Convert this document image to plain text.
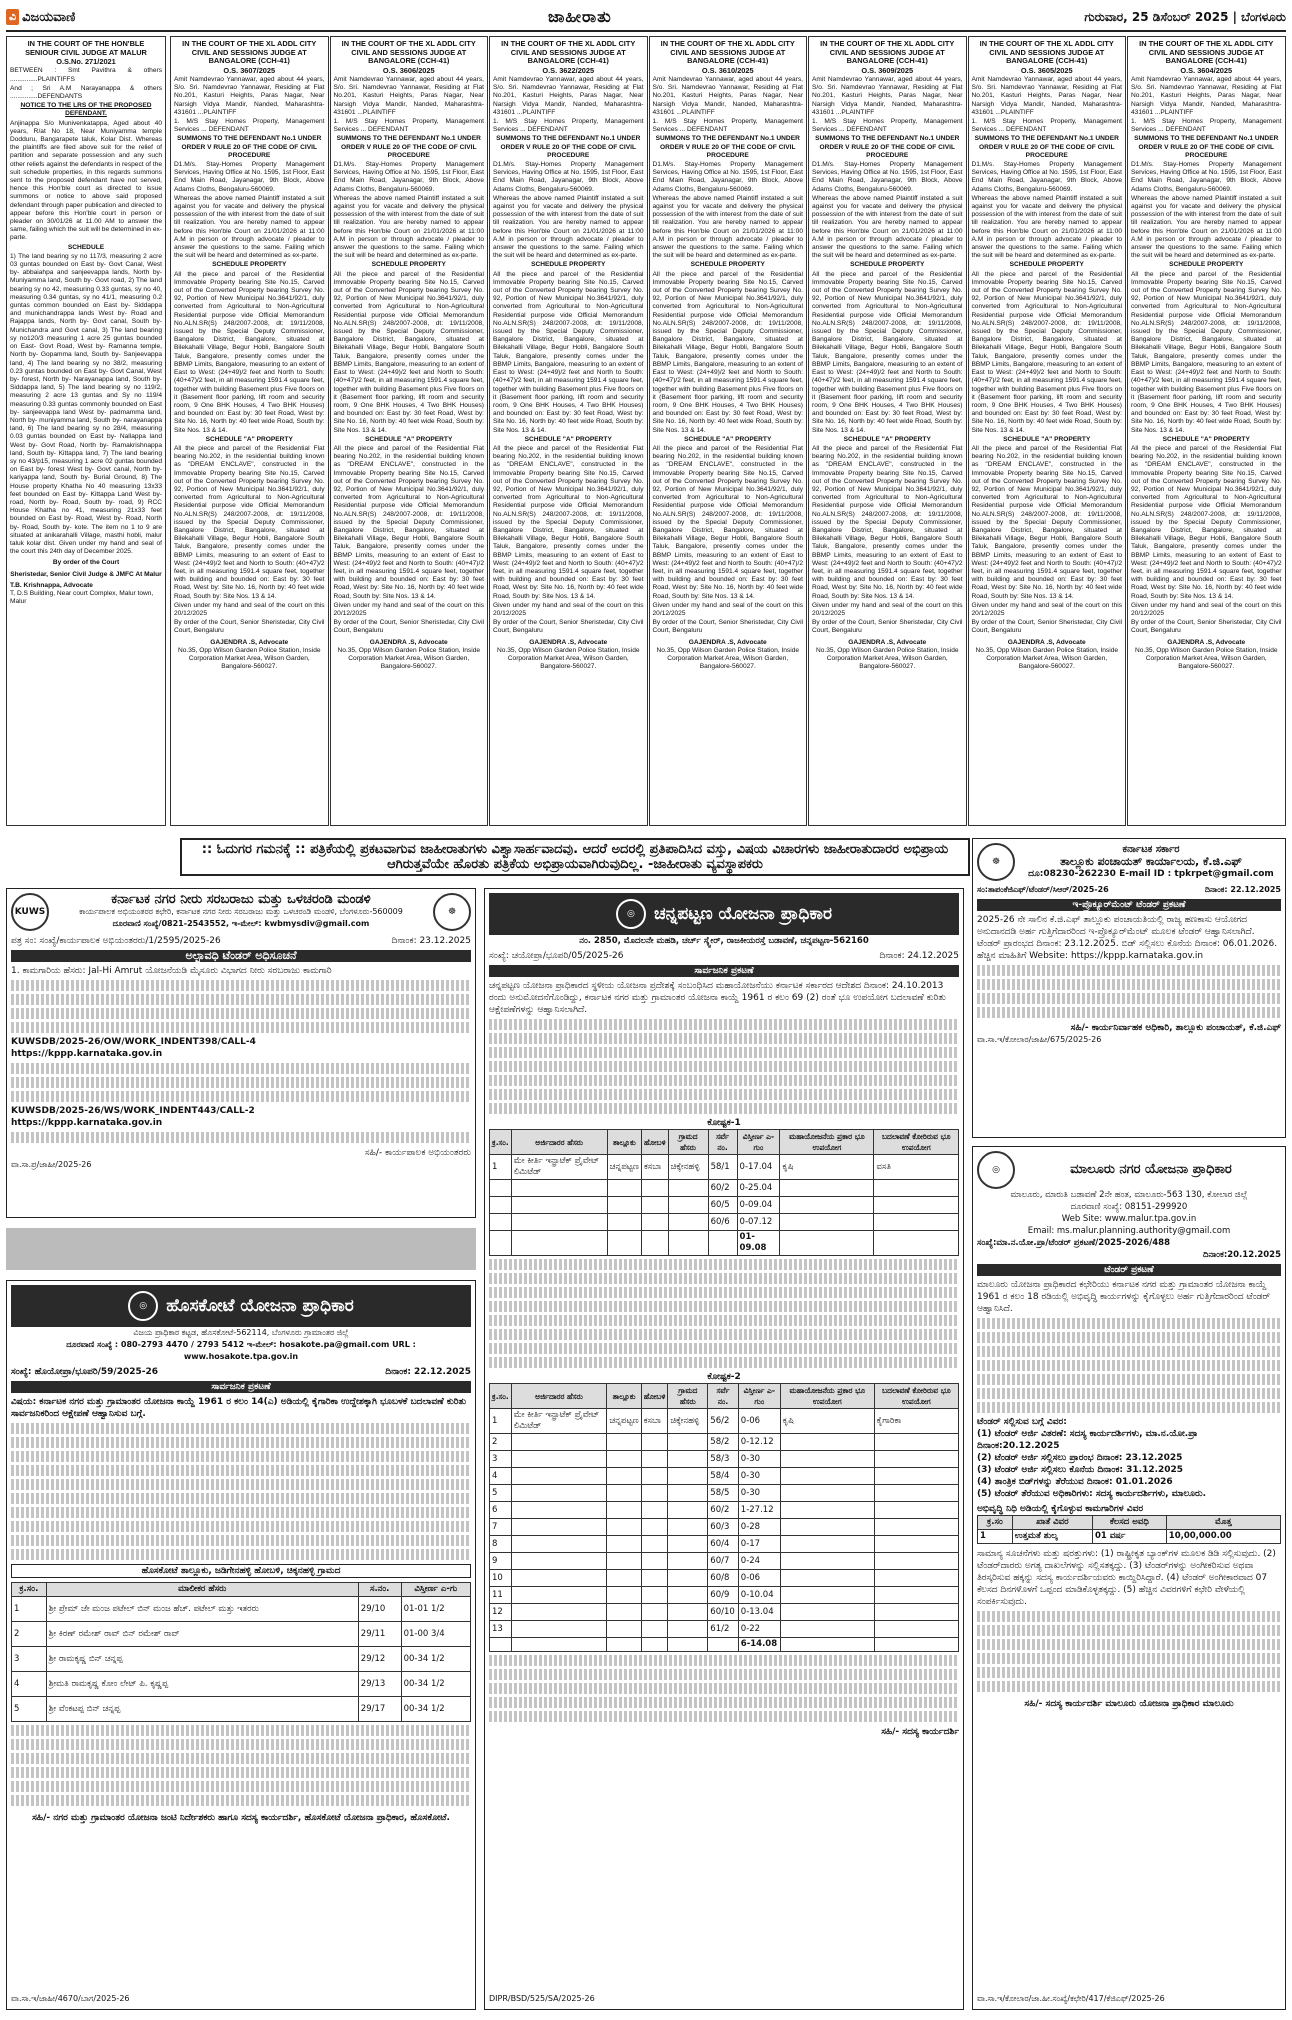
ವಿ ವಿಜಯವಾಣಿ	ಜಾಹೀರಾತು	ಗುರುವಾರ, 25 ಡಿಸೆಂಬರ್ 2025 | ಬೆಂಗಳೂರು
IN THE COURT OF THE HON'BLE SENIOUR CIVIL JUDGE AT MALUR
O.S.No. 271/2021

BETWEEN : Smt Pavithra & others ...............PLAINTIFFS

And ; Sri A.M Narayanappa & others ...............DEFENDANTS

NOTICE TO THE LRS OF THE PROPOSED DEFENDANT.

Anjinappa S/o Munivenkatappa, Aged about 40 years, R/at No 18, Near Muniyamma temple Dodduru, Bangarapete taluk, Kolar Dist. Whereas the plaintiffs are filed above suit for the relief of partition and separate possession and any such other reliefs against the defendants in respect of the suit schedule properties, in this regards summons sent to the proposed defendant have not served, hence this Hon'ble court as directed to issue summons or notice to above said proposed defendant through paper publication and directed to appear before this Hon'ble court in person or pleader on 30/01/26 at 11.00 AM to answer the same, failing which the suit will be determined in ex-parte.

SCHEDULE

1) The land bearing sy no 117/3, measuring 2 acre 03 guntas bounded on East by- Govt Canal, West by- abbaiahpa and sanjeevappa lands, North by- Muniyamma land, South by- Govt road, 2) The land bearing sy no 42, measuring 0.33 guntas, sy no 40, measuring 0.34 guntas, sy no 41/1, measuring 0.2 guntas common bounded on East by- Siddappa and munichandrappa lands West by- Road and Rajappa lands, North by- Govt canal, South by- Munichandra and Govt canal, 3) The land bearing sy no120/3 measuring 1 acre 25 guntas bounded on East- Govt Road, West by- Ramanna temple, North by- Gopamma land, South by- Sanjeevappa land, 4) The land bearing sy no 38/2, measuring 0.23 guntas bounded on East by- Govt Canal, West by- forest, North by- Narayanappa land, South by- Siddappa land, 5) The land bearing sy no 119/2, measuring 2 acre 13 guntas and Sy no 119/4 measuring 0.33 guntas commonly bounded on East by- sanjeevappa land West by- padmamma land, North by- muniyamma land, South by- narayanappa land, 6) The land bearing sy no 28/4, measuring 0.03 guntas bounded on East by- Nallappa land West by- Govt Road, North by- Ramakrishnappa land, South by- Kittappa land, 7) The land bearing sy no 43/p15, measuring 1 acre 02 guntas bounded on East by- forest West by- Govt canal, North by- kariyappa land, South by- Burial Ground, 8) The House property Khatha No 40 measuring 13x33 feet bounded on East by- Kittappa Land West by- road, North by- Road, South by- road, 9) RCC House Khatha no 41, measuring 21x33 feet bounded on East by- Road, West by- Road, North by- Road, South by- kote. The item no 1 to 9 are situated at anikarahalli Village, masthi hobli, malur taluk kolar dist. Given under my hand and seal of the court this 24th day of December 2025.

By order of the Court
Sheristedar, Senior Civil Judge & JMFC At Malur
T.B. Krishnappa, Advocate
T, D.S Building, Near court Complex, Malur town, Malur
IN THE COURT OF THE XL ADDL CITY CIVIL AND SESSIONS JUDGE AT BANGALORE (CCH-41)
O.S. 3607/2025

Amit Namdevrao Yannawar, aged about 44 years, S/o. Sri. Namdevrao Yannawar, Residing at Flat No.201, Kasturi Heights, Paras Nagar, Near Narsigh Vidya Mandir, Nanded, Maharashtra-431601 ...PLAINTIFF

1. M/S Stay Homes Property, Management Services ... DEFENDANT

SUMMONS TO THE DEFENDANT No.1 UNDER ORDER V RULE 20 OF THE CODE OF CIVIL PROCEDURE

D1.M/s. Stay-Homes Property Management Services, Having Office at No. 1595, 1st Floor, East End Main Road, Jayanagar, 9th Block, Above Adams Cloths, Bengaluru-560069.

Whereas the above named Plaintiff instated a suit against you for vacate and delivery the physical possession of the with interest from the date of suit till realization. You are hereby named to appear before this Hon'ble Court on 21/01/2026 at 11:00 A.M in person or through advocate / pleader to answer the questions to the same. Failing which the suit will be heard and determined as ex-parte.

SCHEDULE PROPERTY

All the piece and parcel of the Residential Immovable Property bearing Site No.15, Carved out of the Converted Property bearing Survey No. 92, Portion of New Municipal No.3641/92/1, duly converted from Agricultural to Non-Agricultural Residential purpose vide Official Memorandum No.ALN.SR(S) 248/2007-2008, dt: 19/11/2008, issued by the Special Deputy Commissioner, Bangalore District, Bangalore, situated at Bilekahalli Village, Begur Hobli, Bangalore South Taluk, Bangalore, presently comes under the BBMP Limits, Bangalore, measuring to an extent of East to West: (24+49)/2 feet and North to South: (40+47)/2 feet, in all measuring 1591.4 square feet, together with building Basement plus Five floors on it (Basement floor parking, lift room and security room, 9 One BHK Houses, 4 Two BHK Houses) and bounded on: East by: 30 feet Road, West by: Site No. 16, North by: 40 feet wide Road, South by: Site Nos. 13 & 14.

SCHEDULE "A" PROPERTY

All the piece and parcel of the Residential Flat bearing No.202, in the residential building known as "DREAM ENCLAVE", constructed in the Immovable Property bearing Site No.15, Carved out of the Converted Property bearing Survey No. 92, Portion of New Municipal No.3641/92/1, duly converted from Agricultural to Non-Agricultural Residential purpose vide Official Memorandum No.ALN.SR(S) 248/2007-2008, dt: 19/11/2008, issued by the Special Deputy Commissioner, Bangalore District, Bangalore, situated at Bilekahalli Village, Begur Hobli, Bangalore South Taluk, Bangalore, presently comes under the BBMP Limits, measuring to an extent of East to West: (24+49)/2 feet and North to South: (40+47)/2 feet, in all measuring 1591.4 square feet, together with building and bounded on: East by: 30 feet Road, West by: Site No. 16, North by: 40 feet wide Road, South by: Site Nos. 13 & 14.

Given under my hand and seal of the court on this 20/12/2025

By order of the Court, Senior Sheristedar, City Civil Court, Bengaluru

GAJENDRA .S, Advocate
No.35, Opp Wilson Garden Police Station, Inside Corporation Market Area, Wilson Garden, Bangalore-560027.
IN THE COURT OF THE XL ADDL CITY CIVIL AND SESSIONS JUDGE AT BANGALORE (CCH-41)
O.S. 3606/2025

Amit Namdevrao Yannawar, aged about 44 years, S/o. Sri. Namdevrao Yannawar, Residing at Flat No.201, Kasturi Heights, Paras Nagar, Near Narsigh Vidya Mandir, Nanded, Maharashtra-431601 ...PLAINTIFF

1. M/S Stay Homes Property, Management Services ... DEFENDANT

SUMMONS TO THE DEFENDANT No.1 UNDER ORDER V RULE 20 OF THE CODE OF CIVIL PROCEDURE

D1.M/s. Stay-Homes Property Management Services, Having Office at No. 1595, 1st Floor, East End Main Road, Jayanagar, 9th Block, Above Adams Cloths, Bengaluru-560069.

Whereas the above named Plaintiff instated a suit against you for vacate and delivery the physical possession of the with interest from the date of suit till realization. You are hereby named to appear before this Hon'ble Court on 21/01/2026 at 11:00 A.M in person or through advocate / pleader to answer the questions to the same. Failing which the suit will be heard and determined as ex-parte.

SCHEDULE PROPERTY

All the piece and parcel of the Residential Immovable Property bearing Site No.15, Carved out of the Converted Property bearing Survey No. 92, Portion of New Municipal No.3641/92/1, duly converted from Agricultural to Non-Agricultural Residential purpose vide Official Memorandum No.ALN.SR(S) 248/2007-2008, dt: 19/11/2008, issued by the Special Deputy Commissioner, Bangalore District, Bangalore, situated at Bilekahalli Village, Begur Hobli, Bangalore South Taluk, Bangalore, presently comes under the BBMP Limits, Bangalore, measuring to an extent of East to West: (24+49)/2 feet and North to South: (40+47)/2 feet, in all measuring 1591.4 square feet, together with building Basement plus Five floors on it (Basement floor parking, lift room and security room, 9 One BHK Houses, 4 Two BHK Houses) and bounded on: East by: 30 feet Road, West by: Site No. 16, North by: 40 feet wide Road, South by: Site Nos. 13 & 14.

SCHEDULE "A" PROPERTY

All the piece and parcel of the Residential Flat bearing No.202, in the residential building known as "DREAM ENCLAVE", constructed in the Immovable Property bearing Site No.15, Carved out of the Converted Property bearing Survey No. 92, Portion of New Municipal No.3641/92/1, duly converted from Agricultural to Non-Agricultural Residential purpose vide Official Memorandum No.ALN.SR(S) 248/2007-2008, dt: 19/11/2008, issued by the Special Deputy Commissioner, Bangalore District, Bangalore, situated at Bilekahalli Village, Begur Hobli, Bangalore South Taluk, Bangalore, presently comes under the BBMP Limits, measuring to an extent of East to West: (24+49)/2 feet and North to South: (40+47)/2 feet, in all measuring 1591.4 square feet, together with building and bounded on: East by: 30 feet Road, West by: Site No. 16, North by: 40 feet wide Road, South by: Site Nos. 13 & 14.

Given under my hand and seal of the court on this 20/12/2025

By order of the Court, Senior Sheristedar, City Civil Court, Bengaluru

GAJENDRA .S, Advocate
No.35, Opp Wilson Garden Police Station, Inside Corporation Market Area, Wilson Garden, Bangalore-560027.
IN THE COURT OF THE XL ADDL CITY CIVIL AND SESSIONS JUDGE AT BANGALORE (CCH-41)
O.S. 3622/2025

Amit Namdevrao Yannawar, aged about 44 years, S/o. Sri. Namdevrao Yannawar, Residing at Flat No.201, Kasturi Heights, Paras Nagar, Near Narsigh Vidya Mandir, Nanded, Maharashtra-431601 ...PLAINTIFF

1. M/S Stay Homes Property, Management Services ... DEFENDANT

SUMMONS TO THE DEFENDANT No.1 UNDER ORDER V RULE 20 OF THE CODE OF CIVIL PROCEDURE

D1.M/s. Stay-Homes Property Management Services, Having Office at No. 1595, 1st Floor, East End Main Road, Jayanagar, 9th Block, Above Adams Cloths, Bengaluru-560069.

Whereas the above named Plaintiff instated a suit against you for vacate and delivery the physical possession of the with interest from the date of suit till realization. You are hereby named to appear before this Hon'ble Court on 21/01/2026 at 11:00 A.M in person or through advocate / pleader to answer the questions to the same. Failing which the suit will be heard and determined as ex-parte.

SCHEDULE PROPERTY

All the piece and parcel of the Residential Immovable Property bearing Site No.15, Carved out of the Converted Property bearing Survey No. 92, Portion of New Municipal No.3641/92/1, duly converted from Agricultural to Non-Agricultural Residential purpose vide Official Memorandum No.ALN.SR(S) 248/2007-2008, dt: 19/11/2008, issued by the Special Deputy Commissioner, Bangalore District, Bangalore, situated at Bilekahalli Village, Begur Hobli, Bangalore South Taluk, Bangalore, presently comes under the BBMP Limits, Bangalore, measuring to an extent of East to West: (24+49)/2 feet and North to South: (40+47)/2 feet, in all measuring 1591.4 square feet, together with building Basement plus Five floors on it (Basement floor parking, lift room and security room, 9 One BHK Houses, 4 Two BHK Houses) and bounded on: East by: 30 feet Road, West by: Site No. 16, North by: 40 feet wide Road, South by: Site Nos. 13 & 14.

SCHEDULE "A" PROPERTY

All the piece and parcel of the Residential Flat bearing No.202, in the residential building known as "DREAM ENCLAVE", constructed in the Immovable Property bearing Site No.15, Carved out of the Converted Property bearing Survey No. 92, Portion of New Municipal No.3641/92/1, duly converted from Agricultural to Non-Agricultural Residential purpose vide Official Memorandum No.ALN.SR(S) 248/2007-2008, dt: 19/11/2008, issued by the Special Deputy Commissioner, Bangalore District, Bangalore, situated at Bilekahalli Village, Begur Hobli, Bangalore South Taluk, Bangalore, presently comes under the BBMP Limits, measuring to an extent of East to West: (24+49)/2 feet and North to South: (40+47)/2 feet, in all measuring 1591.4 square feet, together with building and bounded on: East by: 30 feet Road, West by: Site No. 16, North by: 40 feet wide Road, South by: Site Nos. 13 & 14.

Given under my hand and seal of the court on this 20/12/2025

By order of the Court, Senior Sheristedar, City Civil Court, Bengaluru

GAJENDRA .S, Advocate
No.35, Opp Wilson Garden Police Station, Inside Corporation Market Area, Wilson Garden, Bangalore-560027.
IN THE COURT OF THE XL ADDL CITY CIVIL AND SESSIONS JUDGE AT BANGALORE (CCH-41)
O.S. 3610/2025

Amit Namdevrao Yannawar, aged about 44 years, S/o. Sri. Namdevrao Yannawar, Residing at Flat No.201, Kasturi Heights, Paras Nagar, Near Narsigh Vidya Mandir, Nanded, Maharashtra-431601 ...PLAINTIFF

1. M/S Stay Homes Property, Management Services ... DEFENDANT

SUMMONS TO THE DEFENDANT No.1 UNDER ORDER V RULE 20 OF THE CODE OF CIVIL PROCEDURE

D1.M/s. Stay-Homes Property Management Services, Having Office at No. 1595, 1st Floor, East End Main Road, Jayanagar, 9th Block, Above Adams Cloths, Bengaluru-560069.

Whereas the above named Plaintiff instated a suit against you for vacate and delivery the physical possession of the with interest from the date of suit till realization. You are hereby named to appear before this Hon'ble Court on 21/01/2026 at 11:00 A.M in person or through advocate / pleader to answer the questions to the same. Failing which the suit will be heard and determined as ex-parte.

SCHEDULE PROPERTY

All the piece and parcel of the Residential Immovable Property bearing Site No.15, Carved out of the Converted Property bearing Survey No. 92, Portion of New Municipal No.3641/92/1, duly converted from Agricultural to Non-Agricultural Residential purpose vide Official Memorandum No.ALN.SR(S) 248/2007-2008, dt: 19/11/2008, issued by the Special Deputy Commissioner, Bangalore District, Bangalore, situated at Bilekahalli Village, Begur Hobli, Bangalore South Taluk, Bangalore, presently comes under the BBMP Limits, Bangalore, measuring to an extent of East to West: (24+49)/2 feet and North to South: (40+47)/2 feet, in all measuring 1591.4 square feet, together with building Basement plus Five floors on it (Basement floor parking, lift room and security room, 9 One BHK Houses, 4 Two BHK Houses) and bounded on: East by: 30 feet Road, West by: Site No. 16, North by: 40 feet wide Road, South by: Site Nos. 13 & 14.

SCHEDULE "A" PROPERTY

All the piece and parcel of the Residential Flat bearing No.202, in the residential building known as "DREAM ENCLAVE", constructed in the Immovable Property bearing Site No.15, Carved out of the Converted Property bearing Survey No. 92, Portion of New Municipal No.3641/92/1, duly converted from Agricultural to Non-Agricultural Residential purpose vide Official Memorandum No.ALN.SR(S) 248/2007-2008, dt: 19/11/2008, issued by the Special Deputy Commissioner, Bangalore District, Bangalore, situated at Bilekahalli Village, Begur Hobli, Bangalore South Taluk, Bangalore, presently comes under the BBMP Limits, measuring to an extent of East to West: (24+49)/2 feet and North to South: (40+47)/2 feet, in all measuring 1591.4 square feet, together with building and bounded on: East by: 30 feet Road, West by: Site No. 16, North by: 40 feet wide Road, South by: Site Nos. 13 & 14.

Given under my hand and seal of the court on this 20/12/2025

By order of the Court, Senior Sheristedar, City Civil Court, Bengaluru

GAJENDRA .S, Advocate
No.35, Opp Wilson Garden Police Station, Inside Corporation Market Area, Wilson Garden, Bangalore-560027.
IN THE COURT OF THE XL ADDL CITY CIVIL AND SESSIONS JUDGE AT BANGALORE (CCH-41)
O.S. 3609/2025

Amit Namdevrao Yannawar, aged about 44 years, S/o. Sri. Namdevrao Yannawar, Residing at Flat No.201, Kasturi Heights, Paras Nagar, Near Narsigh Vidya Mandir, Nanded, Maharashtra-431601 ...PLAINTIFF

1. M/S Stay Homes Property, Management Services ... DEFENDANT

SUMMONS TO THE DEFENDANT No.1 UNDER ORDER V RULE 20 OF THE CODE OF CIVIL PROCEDURE

D1.M/s. Stay-Homes Property Management Services, Having Office at No. 1595, 1st Floor, East End Main Road, Jayanagar, 9th Block, Above Adams Cloths, Bengaluru-560069.

Whereas the above named Plaintiff instated a suit against you for vacate and delivery the physical possession of the with interest from the date of suit till realization. You are hereby named to appear before this Hon'ble Court on 21/01/2026 at 11:00 A.M in person or through advocate / pleader to answer the questions to the same. Failing which the suit will be heard and determined as ex-parte.

SCHEDULE PROPERTY

All the piece and parcel of the Residential Immovable Property bearing Site No.15, Carved out of the Converted Property bearing Survey No. 92, Portion of New Municipal No.3641/92/1, duly converted from Agricultural to Non-Agricultural Residential purpose vide Official Memorandum No.ALN.SR(S) 248/2007-2008, dt: 19/11/2008, issued by the Special Deputy Commissioner, Bangalore District, Bangalore, situated at Bilekahalli Village, Begur Hobli, Bangalore South Taluk, Bangalore, presently comes under the BBMP Limits, Bangalore, measuring to an extent of East to West: (24+49)/2 feet and North to South: (40+47)/2 feet, in all measuring 1591.4 square feet, together with building Basement plus Five floors on it (Basement floor parking, lift room and security room, 9 One BHK Houses, 4 Two BHK Houses) and bounded on: East by: 30 feet Road, West by: Site No. 16, North by: 40 feet wide Road, South by: Site Nos. 13 & 14.

SCHEDULE "A" PROPERTY

All the piece and parcel of the Residential Flat bearing No.202, in the residential building known as "DREAM ENCLAVE", constructed in the Immovable Property bearing Site No.15, Carved out of the Converted Property bearing Survey No. 92, Portion of New Municipal No.3641/92/1, duly converted from Agricultural to Non-Agricultural Residential purpose vide Official Memorandum No.ALN.SR(S) 248/2007-2008, dt: 19/11/2008, issued by the Special Deputy Commissioner, Bangalore District, Bangalore, situated at Bilekahalli Village, Begur Hobli, Bangalore South Taluk, Bangalore, presently comes under the BBMP Limits, measuring to an extent of East to West: (24+49)/2 feet and North to South: (40+47)/2 feet, in all measuring 1591.4 square feet, together with building and bounded on: East by: 30 feet Road, West by: Site No. 16, North by: 40 feet wide Road, South by: Site Nos. 13 & 14.

Given under my hand and seal of the court on this 20/12/2025

By order of the Court, Senior Sheristedar, City Civil Court, Bengaluru

GAJENDRA .S, Advocate
No.35, Opp Wilson Garden Police Station, Inside Corporation Market Area, Wilson Garden, Bangalore-560027.
IN THE COURT OF THE XL ADDL CITY CIVIL AND SESSIONS JUDGE AT BANGALORE (CCH-41)
O.S. 3605/2025

Amit Namdevrao Yannawar, aged about 44 years, S/o. Sri. Namdevrao Yannawar, Residing at Flat No.201, Kasturi Heights, Paras Nagar, Near Narsigh Vidya Mandir, Nanded, Maharashtra-431601 ...PLAINTIFF

1. M/S Stay Homes Property, Management Services ... DEFENDANT

SUMMONS TO THE DEFENDANT No.1 UNDER ORDER V RULE 20 OF THE CODE OF CIVIL PROCEDURE

D1.M/s. Stay-Homes Property Management Services, Having Office at No. 1595, 1st Floor, East End Main Road, Jayanagar, 9th Block, Above Adams Cloths, Bengaluru-560069.

Whereas the above named Plaintiff instated a suit against you for vacate and delivery the physical possession of the with interest from the date of suit till realization. You are hereby named to appear before this Hon'ble Court on 21/01/2026 at 11:00 A.M in person or through advocate / pleader to answer the questions to the same. Failing which the suit will be heard and determined as ex-parte.

SCHEDULE PROPERTY

All the piece and parcel of the Residential Immovable Property bearing Site No.15, Carved out of the Converted Property bearing Survey No. 92, Portion of New Municipal No.3641/92/1, duly converted from Agricultural to Non-Agricultural Residential purpose vide Official Memorandum No.ALN.SR(S) 248/2007-2008, dt: 19/11/2008, issued by the Special Deputy Commissioner, Bangalore District, Bangalore, situated at Bilekahalli Village, Begur Hobli, Bangalore South Taluk, Bangalore, presently comes under the BBMP Limits, Bangalore, measuring to an extent of East to West: (24+49)/2 feet and North to South: (40+47)/2 feet, in all measuring 1591.4 square feet, together with building Basement plus Five floors on it (Basement floor parking, lift room and security room, 9 One BHK Houses, 4 Two BHK Houses) and bounded on: East by: 30 feet Road, West by: Site No. 16, North by: 40 feet wide Road, South by: Site Nos. 13 & 14.

SCHEDULE "A" PROPERTY

All the piece and parcel of the Residential Flat bearing No.202, in the residential building known as "DREAM ENCLAVE", constructed in the Immovable Property bearing Site No.15, Carved out of the Converted Property bearing Survey No. 92, Portion of New Municipal No.3641/92/1, duly converted from Agricultural to Non-Agricultural Residential purpose vide Official Memorandum No.ALN.SR(S) 248/2007-2008, dt: 19/11/2008, issued by the Special Deputy Commissioner, Bangalore District, Bangalore, situated at Bilekahalli Village, Begur Hobli, Bangalore South Taluk, Bangalore, presently comes under the BBMP Limits, measuring to an extent of East to West: (24+49)/2 feet and North to South: (40+47)/2 feet, in all measuring 1591.4 square feet, together with building and bounded on: East by: 30 feet Road, West by: Site No. 16, North by: 40 feet wide Road, South by: Site Nos. 13 & 14.

Given under my hand and seal of the court on this 20/12/2025

By order of the Court, Senior Sheristedar, City Civil Court, Bengaluru

GAJENDRA .S, Advocate
No.35, Opp Wilson Garden Police Station, Inside Corporation Market Area, Wilson Garden, Bangalore-560027.
IN THE COURT OF THE XL ADDL CITY CIVIL AND SESSIONS JUDGE AT BANGALORE (CCH-41)
O.S. 3604/2025

Amit Namdevrao Yannawar, aged about 44 years, S/o. Sri. Namdevrao Yannawar, Residing at Flat No.201, Kasturi Heights, Paras Nagar, Near Narsigh Vidya Mandir, Nanded, Maharashtra-431601 ...PLAINTIFF

1. M/S Stay Homes Property, Management Services ... DEFENDANT

SUMMONS TO THE DEFENDANT No.1 UNDER ORDER V RULE 20 OF THE CODE OF CIVIL PROCEDURE

D1.M/s. Stay-Homes Property Management Services, Having Office at No. 1595, 1st Floor, East End Main Road, Jayanagar, 9th Block, Above Adams Cloths, Bengaluru-560069.

Whereas the above named Plaintiff instated a suit against you for vacate and delivery the physical possession of the with interest from the date of suit till realization. You are hereby named to appear before this Hon'ble Court on 21/01/2026 at 11:00 A.M in person or through advocate / pleader to answer the questions to the same. Failing which the suit will be heard and determined as ex-parte.

SCHEDULE PROPERTY

All the piece and parcel of the Residential Immovable Property bearing Site No.15, Carved out of the Converted Property bearing Survey No. 92, Portion of New Municipal No.3641/92/1, duly converted from Agricultural to Non-Agricultural Residential purpose vide Official Memorandum No.ALN.SR(S) 248/2007-2008, dt: 19/11/2008, issued by the Special Deputy Commissioner, Bangalore District, Bangalore, situated at Bilekahalli Village, Begur Hobli, Bangalore South Taluk, Bangalore, presently comes under the BBMP Limits, Bangalore, measuring to an extent of East to West: (24+49)/2 feet and North to South: (40+47)/2 feet, in all measuring 1591.4 square feet, together with building Basement plus Five floors on it (Basement floor parking, lift room and security room, 9 One BHK Houses, 4 Two BHK Houses) and bounded on: East by: 30 feet Road, West by: Site No. 16, North by: 40 feet wide Road, South by: Site Nos. 13 & 14.

SCHEDULE "A" PROPERTY

All the piece and parcel of the Residential Flat bearing No.202, in the residential building known as "DREAM ENCLAVE", constructed in the Immovable Property bearing Site No.15, Carved out of the Converted Property bearing Survey No. 92, Portion of New Municipal No.3641/92/1, duly converted from Agricultural to Non-Agricultural Residential purpose vide Official Memorandum No.ALN.SR(S) 248/2007-2008, dt: 19/11/2008, issued by the Special Deputy Commissioner, Bangalore District, Bangalore, situated at Bilekahalli Village, Begur Hobli, Bangalore South Taluk, Bangalore, presently comes under the BBMP Limits, measuring to an extent of East to West: (24+49)/2 feet and North to South: (40+47)/2 feet, in all measuring 1591.4 square feet, together with building and bounded on: East by: 30 feet Road, West by: Site No. 16, North by: 40 feet wide Road, South by: Site Nos. 13 & 14.

Given under my hand and seal of the court on this 20/12/2025

By order of the Court, Senior Sheristedar, City Civil Court, Bengaluru

GAJENDRA .S, Advocate
No.35, Opp Wilson Garden Police Station, Inside Corporation Market Area, Wilson Garden, Bangalore-560027.
:: ಓದುಗರ ಗಮನಕ್ಕೆ :: ಪತ್ರಿಕೆಯಲ್ಲಿ ಪ್ರಕಟವಾಗುವ ಜಾಹೀರಾತುಗಳು ವಿಶ್ವಾಸಾರ್ಹವಾದವು. ಆದರೆ ಅದರಲ್ಲಿ ಪ್ರತಿಪಾದಿಸಿದ ವಸ್ತು, ವಿಷಯ ವಿಚಾರಗಳು ಜಾಹೀರಾತುದಾರರ ಅಭಿಪ್ರಾಯ ಆಗಿರುತ್ತವೆಯೇ ಹೊರತು ಪತ್ರಿಕೆಯ ಅಭಿಪ್ರಾಯವಾಗಿರುವುದಿಲ್ಲ. -ಜಾಹೀರಾತು ವ್ಯವಸ್ಥಾಪಕರು
KUWS
ಕರ್ನಾಟಕ ನಗರ ನೀರು ಸರಬರಾಜು ಮತ್ತು ಒಳಚರಂಡಿ ಮಂಡಳಿ
ಕಾರ್ಯಪಾಲಕ ಅಭಿಯಂತರರ ಕಛೇರಿ, ಕರ್ನಾಟಕ ನಗರ ನೀರು ಸರಬರಾಜು ಮತ್ತು ಒಳಚರಂಡಿ ಮಂಡಳಿ, ಬೆಂಗಳೂರು-560009
ದೂರವಾಣಿ ಸಂಖ್ಯೆ/0821-2543552, ಇ-ಮೇಲ್: kwbmysdiv@gmail.com
☸
ಪತ್ರ ಸಂ: ಸಂಖ್ಯೆ/ಕಾರ್ಯಪಾಲಕ ಅಭಿಯಂತರರು/1/2595/2025-26	ದಿನಾಂಕ: 23.12.2025
ಅಲ್ಪಾವಧಿ ಟೆಂಡರ್ ಅಧಿಸೂಚನೆ
1. ಕಾಮಗಾರಿಯ ಹೆಸರು: Jal-Hi Amrut ಯೋಜನೆಯಡಿ ಮೈಸೂರು ವಿಭಾಗದ ನೀರು ಸರಬರಾಜು ಕಾಮಗಾರಿ
KUWSDB/2025-26/OW/WORK_INDENT398/CALL-4
https://kppp.karnataka.gov.in
KUWSDB/2025-26/WS/WORK_INDENT443/CALL-2
https://kppp.karnataka.gov.in
ಸಹಿ/- ಕಾರ್ಯಪಾಲಕ ಅಭಿಯಂತರರು
ವಾ.ಸಾ.ಪ್ರ/ಜಾಹೀ/2025-26
◎	ಹೊಸಕೋಟೆ ಯೋಜನಾ ಪ್ರಾಧಿಕಾರ
ವಿಜಯ ಪ್ರಾಧಿಕಾರ ಕಟ್ಟಡ, ಹೊಸಕೋಟೆ-562114, ಬೆಂಗಳೂರು ಗ್ರಾಮಾಂತರ ಜಿಲ್ಲೆ
ದೂರವಾಣಿ ಸಂಖ್ಯೆ : 080-2793 4470 / 2793 5412 ಇ-ಮೇಲ್: hosakote.pa@gmail.com URL : www.hosakote.tpa.gov.in
ಸಂಖ್ಯೆ: ಹೊಯೋಪ್ರಾ/ಭೂಪರಿ/59/2025-26	ದಿನಾಂಕ: 22.12.2025
ಸಾರ್ವಜನಿಕ ಪ್ರಕಟಣೆ
ವಿಷಯ: ಕರ್ನಾಟಕ ನಗರ ಮತ್ತು ಗ್ರಾಮಾಂತರ ಯೋಜನಾ ಕಾಯ್ದೆ 1961 ರ ಕಲಂ 14(ಎ) ಅಡಿಯಲ್ಲಿ ಕೈಗಾರಿಕಾ ಉದ್ದೇಶಕ್ಕಾಗಿ ಭೂಬಳಕೆ ಬದಲಾವಣೆ ಕುರಿತು ಸಾರ್ವಜನಿಕರಿಂದ ಆಕ್ಷೇಪಣೆ ಆಹ್ವಾನಿಸುವ ಬಗ್ಗೆ.
ಹೊಸಕೋಟೆ ತಾಲ್ಲೂಕು, ಜಡಿಗೇನಹಳ್ಳಿ ಹೋಬಳಿ, ಚಿಕ್ಕನಹಳ್ಳಿ ಗ್ರಾಮದ
ಕ್ರ.ಸಂ.	ಮಾಲೀಕರ ಹೆಸರು	ಸ.ನಂ.	ವಿಸ್ತೀರ್ಣ ಎ-ಗು
1	ಶ್ರೀ ಪ್ರೇಮ್ ಜೇ ಮಂಜ ಪಟೇಲ್ ಬಿನ್ ಮಂಜ ಹೆಚ್. ಪಟೇಲ್ ಮತ್ತು ಇತರರು	29/10	01-01 1/2
2	ಶ್ರೀ ಕಿರಣ್ ರಮೇಶ್ ರಾವ್ ಬಿನ್ ರಮೇಶ್ ರಾವ್	29/11	01-00 3/4
3	ಶ್ರೀ ರಾಮಕೃಷ್ಣ ಬಿನ್ ಚನ್ನಪ್ಪ	29/12	00-34 1/2
4	ಶ್ರೀಮತಿ ರಾಮಕೃಷ್ಣ ಕೋಂ ಲೇಟ್ ಪಿ. ಕೃಷ್ಣಪ್ಪ	29/13	00-34 1/2
5	ಶ್ರೀ ವೆಂಕಟಪ್ಪ ಬಿನ್ ಚನ್ನಪ್ಪ	29/17	00-34 1/2
ಸಹಿ/- ನಗರ ಮತ್ತು ಗ್ರಾಮಾಂತರ ಯೋಜನಾ ಜಂಟಿ ನಿರ್ದೇಶಕರು ಹಾಗೂ ಸದಸ್ಯ ಕಾರ್ಯದರ್ಶಿ, ಹೊಸಕೋಟೆ ಯೋಜನಾ ಪ್ರಾಧಿಕಾರ, ಹೊಸಕೋಟೆ.
ವಾ.ಸಾ.ಇ/ಜಾಹೀ/4670/ಬಾಗ/2025-26
◎	ಚನ್ನಪಟ್ಟಣ ಯೋಜನಾ ಪ್ರಾಧಿಕಾರ
ನಂ. 2850, ಮೊದಲನೇ ಮಹಡಿ, ಚರ್ಚ್ ಸ್ಕ್ವೇರ್, ರಾಜಕೀಯರಸ್ತೆ ಬಡಾವಣೆ, ಚನ್ನಪಟ್ಟಣ-562160
ಸಂಖ್ಯೆ: ಚಯೋಪ್ರಾ/ಭೂಪರಿ/05/2025-26	ದಿನಾಂಕ: 24.12.2025
ಸಾರ್ವಜನಿಕ ಪ್ರಕಟಣೆ
ಚನ್ನಪಟ್ಟಣ ಯೋಜನಾ ಪ್ರಾಧಿಕಾರದ ಸ್ಥಳೀಯ ಯೋಜನಾ ಪ್ರದೇಶಕ್ಕೆ ಸಂಬಂಧಿಸಿದ ಮಹಾಯೋಜನೆಯು ಕರ್ನಾಟಕ ಸರ್ಕಾರದ ಆದೇಶದ ದಿನಾಂಕ: 24.10.2013 ರಂದು ಅನುಮೋದನೆಗೊಂಡಿದ್ದು, ಕರ್ನಾಟಕ ನಗರ ಮತ್ತು ಗ್ರಾಮಾಂತರ ಯೋಜನಾ ಕಾಯ್ದೆ 1961 ರ ಕಲಂ 69 (2) ರಂತೆ ಭೂ ಉಪಯೋಗ ಬದಲಾವಣೆ ಕುರಿತು ಆಕ್ಷೇಪಣೆಗಳನ್ನು ಆಹ್ವಾನಿಸಲಾಗಿದೆ.
ಕೋಷ್ಟಕ-1
ಕ್ರ.ಸಂ.	ಅರ್ಜಿದಾರರ ಹೆಸರು	ತಾಲ್ಲೂಕು	ಹೋಬಳಿ	ಗ್ರಾಮದ ಹೆಸರು	ಸರ್ವೆ ನಂ.	ವಿಸ್ತೀರ್ಣ ಎ-ಗುಂ	ಮಹಾಯೋಜನೆಯ ಪ್ರಕಾರ ಭೂ ಉಪಯೋಗ	ಬದಲಾವಣೆ ಕೋರಿರುವ ಭೂ ಉಪಯೋಗ
1	ಮೇ ಕೀರ್ತಿ ಇನ್ಫ್ರಾಟೆಕ್ ಪ್ರೈವೇಟ್ ಲಿಮಿಟೆಡ್	ಚನ್ನಪಟ್ಟಣ	ಕಸಬಾ	ಚಿಕ್ಕೇನಹಳ್ಳಿ	58/1	0-17.04	ಕೃಷಿ	ವಸತಿ
					60/2	0-25.04		
					60/5	0-09.04		
					60/6	0-07.12		
						01-09.08		
ಕೋಷ್ಟಕ-2
ಕ್ರ.ಸಂ.	ಅರ್ಜಿದಾರರ ಹೆಸರು	ತಾಲ್ಲೂಕು	ಹೋಬಳಿ	ಗ್ರಾಮದ ಹೆಸರು	ಸರ್ವೆ ನಂ.	ವಿಸ್ತೀರ್ಣ ಎ-ಗುಂ	ಮಹಾಯೋಜನೆಯ ಪ್ರಕಾರ ಭೂ ಉಪಯೋಗ	ಬದಲಾವಣೆ ಕೋರಿರುವ ಭೂ ಉಪಯೋಗ
1	ಮೇ ಕೀರ್ತಿ ಇನ್ಫ್ರಾಟೆಕ್ ಪ್ರೈವೇಟ್ ಲಿಮಿಟೆಡ್	ಚನ್ನಪಟ್ಟಣ	ಕಸಬಾ	ಚಿಕ್ಕೇನಹಳ್ಳಿ	56/2	0-06	ಕೃಷಿ	ಕೈಗಾರಿಕಾ
2					58/2	0-12.12		
3					58/3	0-30		
4					58/4	0-30		
5					58/5	0-30		
6					60/2	1-27.12		
7					60/3	0-28		
8					60/4	0-17		
9					60/7	0-24		
10					60/8	0-06		
11					60/9	0-10.04		
12					60/10	0-13.04		
13					61/2	0-22		
						6-14.08		
ಸಹಿ/- ಸದಸ್ಯ ಕಾರ್ಯದರ್ಶಿ
DIPR/BSD/525/SA/2025-26
☸
ಕರ್ನಾಟಕ ಸರ್ಕಾರ
ತಾಲ್ಲೂಕು ಪಂಚಾಯತ್ ಕಾರ್ಯಾಲಯ, ಕೆ.ಜಿ.ಎಫ್
ದೂ:08230-262230 E-mail ID : tpkrpet@gmail.com
ಸಂ:ತಾಪಂಕೆಜಿಎಫ್/ಟೆಂಡರ್/ಸಿಆರ್/2025-26	ದಿನಾಂಕ: 22.12.2025
ಇ-ಪ್ರೊಕ್ಯೂರ್‌ಮೆಂಟ್ ಟೆಂಡರ್ ಪ್ರಕಟಣೆ
2025-26 ನೇ ಸಾಲಿನ ಕೆ.ಜಿ.ಎಫ್ ತಾಲ್ಲೂಕು ಪಂಚಾಯತಿಯಲ್ಲಿ ರಾಜ್ಯ ಹಣಕಾಸು ಆಯೋಗದ ಅನುದಾನದಡಿ ಅರ್ಹ ಗುತ್ತಿಗೆದಾರರಿಂದ ಇ-ಪ್ರೊಕ್ಯೂರ್‌ಮೆಂಟ್ ಮೂಲಕ ಟೆಂಡರ್ ಆಹ್ವಾನಿಸಲಾಗಿದೆ. ಟೆಂಡರ್ ಪ್ರಾರಂಭದ ದಿನಾಂಕ: 23.12.2025. ಬಿಡ್ ಸಲ್ಲಿಸಲು ಕೊನೆಯ ದಿನಾಂಕ: 06.01.2026. ಹೆಚ್ಚಿನ ಮಾಹಿತಿಗೆ Website: https://kppp.karnataka.gov.in
ಸಹಿ/- ಕಾರ್ಯನಿರ್ವಾಹಕ ಅಧಿಕಾರಿ, ತಾಲ್ಲೂಕು ಪಂಚಾಯತ್, ಕೆ.ಜಿ.ಎಫ್
ವಾ.ಸಾ.ಇ/ಕೋಲಾರ/ಜಾಹೀ/675/2025-26
◎	ಮಾಲೂರು ನಗರ ಯೋಜನಾ ಪ್ರಾಧಿಕಾರ
ಮಾಲೂರು, ಮಾರುತಿ ಬಡಾವಣೆ 2ನೇ ಹಂತ, ಮಾಲೂರು-563 130, ಕೋಲಾರ ಜಿಲ್ಲೆ
ದೂರವಾಣಿ ಸಂಖ್ಯೆ: 08151-299920
Web Site: www.malur.tpa.gov.in
Email: ms.malur.planning.authority@gmail.com
ಸಂಖ್ಯೆ:ಮಾ.ನ.ಯೋ.ಪ್ರಾ/ಟೆಂಡರ್ ಪ್ರಕಟಣೆ/2025-2026/488
ದಿನಾಂಕ:20.12.2025
ಟೆಂಡರ್ ಪ್ರಕಟಣೆ
ಮಾಲೂರು ಯೋಜನಾ ಪ್ರಾಧಿಕಾರದ ಕಛೇರಿಯು ಕರ್ನಾಟಕ ನಗರ ಮತ್ತು ಗ್ರಾಮಾಂತರ ಯೋಜನಾ ಕಾಯ್ದೆ 1961 ರ ಕಲಂ 18 ರಡಿಯಲ್ಲಿ ಅಭಿವೃದ್ಧಿ ಕಾರ್ಯಗಳನ್ನು ಕೈಗೊಳ್ಳಲು ಅರ್ಹ ಗುತ್ತಿಗೆದಾರರಿಂದ ಟೆಂಡರ್ ಆಹ್ವಾನಿಸಿದೆ.
ಟೆಂಡರ್ ಸಲ್ಲಿಸುವ ಬಗ್ಗೆ ವಿವರ:
(1) ಟೆಂಡರ್ ಅರ್ಜಿ ವಿತರಣೆ: ಸದಸ್ಯ ಕಾರ್ಯದರ್ಶಿಗಳು, ಮಾ.ನ.ಯೋ.ಪ್ರಾ ದಿನಾಂಕ:20.12.2025
(2) ಟೆಂಡರ್ ಅರ್ಜಿ ಸಲ್ಲಿಸಲು ಪ್ರಾರಂಭ ದಿನಾಂಕ: 23.12.2025
(3) ಟೆಂಡರ್ ಅರ್ಜಿ ಸಲ್ಲಿಸಲು ಕೊನೆಯ ದಿನಾಂಕ: 31.12.2025
(4) ತಾಂತ್ರಿಕ ಬಿಡ್‌ಗಳನ್ನು ತೆರೆಯುವ ದಿನಾಂಕ: 01.01.2026
(5) ಟೆಂಡರ್ ತೆರೆಯುವ ಅಧಿಕಾರಿಗಳು: ಸದಸ್ಯ ಕಾರ್ಯದರ್ಶಿಗಳು, ಮಾಲೂರು.
ಅಭಿವೃದ್ಧಿ ನಿಧಿ ಅಡಿಯಲ್ಲಿ ಕೈಗೊಳ್ಳುವ ಕಾಮಗಾರಿಗಳ ವಿವರ
ಕ್ರ.ಸಂ	ಖಾತೆ ವಿವರ	ಕೆಲಸದ ಅವಧಿ	ಮೊತ್ತ
1	ಉತ್ತಮತೆ ಶುಲ್ಕ	01 ವರ್ಷ	10,00,000.00
ಸಾಮಾನ್ಯ ಸೂಚನೆಗಳು ಮತ್ತು ಷರತ್ತುಗಳು: (1) ರಾಷ್ಟ್ರೀಕೃತ ಬ್ಯಾಂಕ್‌ಗಳ ಮೂಲಕ ಡಿಡಿ ಸಲ್ಲಿಸುವುದು. (2) ಟೆಂಡರ್‌ದಾರರು ಅಗತ್ಯ ದಾಖಲೆಗಳನ್ನು ಸಲ್ಲಿಸತಕ್ಕದ್ದು. (3) ಟೆಂಡರ್‌ಗಳನ್ನು ಅಂಗೀಕರಿಸುವ ಅಥವಾ ತಿರಸ್ಕರಿಸುವ ಹಕ್ಕನ್ನು ಸದಸ್ಯ ಕಾರ್ಯದರ್ಶಿಯವರು ಕಾಯ್ದಿರಿಸಿದ್ದಾರೆ. (4) ಟೆಂಡರ್ ಅಂಗೀಕಾರವಾದ 07 ಕೆಲಸದ ದಿನಗಳೊಳಗೆ ಒಪ್ಪಂದ ಮಾಡಿಕೊಳ್ಳತಕ್ಕದ್ದು. (5) ಹೆಚ್ಚಿನ ವಿವರಗಳಿಗೆ ಕಛೇರಿ ವೇಳೆಯಲ್ಲಿ ಸಂಪರ್ಕಿಸುವುದು.
ಸಹಿ/- ಸದಸ್ಯ ಕಾರ್ಯದರ್ಶಿ ಮಾಲೂರು ಯೋಜನಾ ಪ್ರಾಧಿಕಾರ ಮಾಲೂರು
ವಾ.ಸಾ.ಇ/ಕೋಲಾರ/ಜಾ.ಹೀ.ಸಂಖ್ಯೆ/ಕಛೇರಿ/417/ಕೆಜಿಎಫ್/2025-26
